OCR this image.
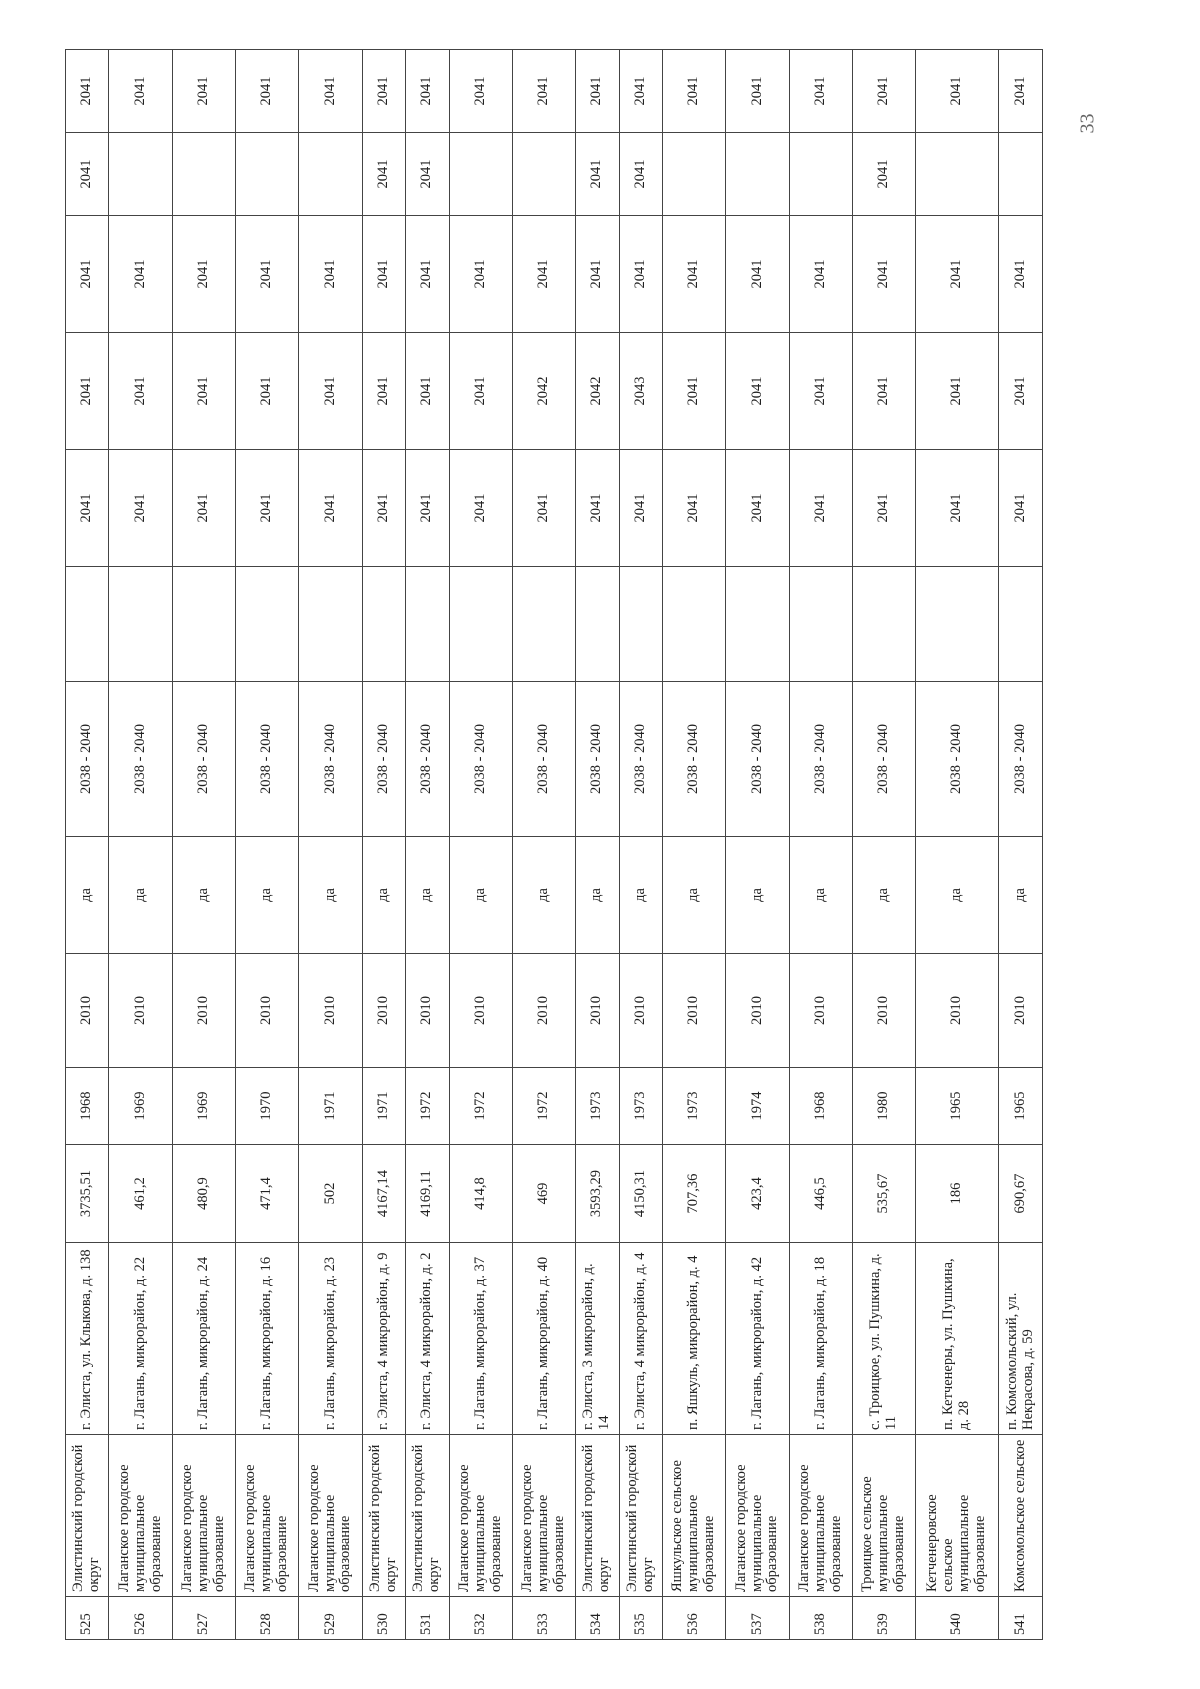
33
525	Элистинский городской округ	г. Элиста, ул. Клыкова, д. 138	3735,51	1968	2010	да	2038 - 2040		2041	2041	2041	2041	2041
526	Лаганское городское муниципальное образование	г. Лагань, микрорайон, д. 22	461,2	1969	2010	да	2038 - 2040		2041	2041	2041		2041
527	Лаганское городское муниципальное образование	г. Лагань, микрорайон, д. 24	480,9	1969	2010	да	2038 - 2040		2041	2041	2041		2041
528	Лаганское городское муниципальное образование	г. Лагань, микрорайон, д. 16	471,4	1970	2010	да	2038 - 2040		2041	2041	2041		2041
529	Лаганское городское муниципальное образование	г. Лагань, микрорайон, д. 23	502	1971	2010	да	2038 - 2040		2041	2041	2041		2041
530	Элистинский городской округ	г. Элиста, 4 микрорайон, д. 9	4167,14	1971	2010	да	2038 - 2040		2041	2041	2041	2041	2041
531	Элистинский городской округ	г. Элиста, 4 микрорайон, д. 2	4169,11	1972	2010	да	2038 - 2040		2041	2041	2041	2041	2041
532	Лаганское городское муниципальное образование	г. Лагань, микрорайон, д. 37	414,8	1972	2010	да	2038 - 2040		2041	2041	2041		2041
533	Лаганское городское муниципальное образование	г. Лагань, микрорайон, д. 40	469	1972	2010	да	2038 - 2040		2041	2042	2041		2041
534	Элистинский городской округ	г. Элиста, 3 микрорайон, д. 14	3593,29	1973	2010	да	2038 - 2040		2041	2042	2041	2041	2041
535	Элистинский городской округ	г. Элиста, 4 микрорайон, д. 4	4150,31	1973	2010	да	2038 - 2040		2041	2043	2041	2041	2041
536	Яшкульское сельское муниципальное образование	п. Яшкуль, микрорайон, д. 4	707,36	1973	2010	да	2038 - 2040		2041	2041	2041		2041
537	Лаганское городское муниципальное образование	г. Лагань, микрорайон, д. 42	423,4	1974	2010	да	2038 - 2040		2041	2041	2041		2041
538	Лаганское городское муниципальное образование	г. Лагань, микрорайон, д. 18	446,5	1968	2010	да	2038 - 2040		2041	2041	2041		2041
539	Троицкое сельское муниципальное образование	с. Троицкое, ул. Пушкина, д. 11	535,67	1980	2010	да	2038 - 2040		2041	2041	2041	2041	2041
540	Кетченеровское сельское муниципальное образование	п. Кетченеры, ул. Пушкина, д. 28	186	1965	2010	да	2038 - 2040		2041	2041	2041		2041
541	Комсомольское сельское	п. Комсомольский, ул. Некрасова, д. 59	690,67	1965	2010	да	2038 - 2040		2041	2041	2041		2041
